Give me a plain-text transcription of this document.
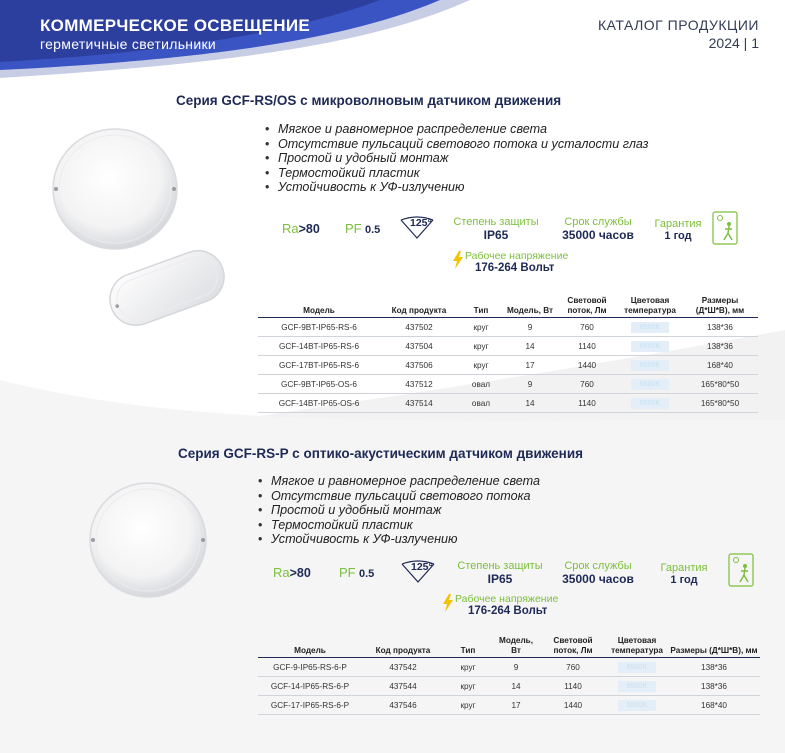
КОММЕРЧЕСКОЕ ОСВЕЩЕНИЕ
герметичные светильники
КАТАЛОГ ПРОДУКЦИИ
2024 | 1
Серия GCF-RS/OS с микроволновым датчиком движения
• Мягкое и равномерное распределение света
• Отсутствие пульсаций светового потока и усталости глаз
• Простой и удобный монтаж
• Термостойкий пластик
• Устойчивость к УФ-излучению
Ra>80 PF 0.5
125°	Степень защиты
IP65
Срок службы
35000 часов
Гарантия
1 год
Рабочее напряжение
176-264 Вольт
Модель	Код продукта	Тип	Модель, Вт	Световой поток, Лм	Цветовая температура	Размеры (Д*Ш*В), мм
GCF-9BT-IP65-RS-6	437502	круг	9	760	6500K	138*36
GCF-14BT-IP65-RS-6	437504	круг	14	1140	6500K	138*36
GCF-17BT-IP65-RS-6	437506	круг	17	1440	6500K	168*40
GCF-9BT-IP65-OS-6	437512	овал	9	760	6500K	165*80*50
GCF-14BT-IP65-OS-6	437514	овал	14	1140	6500K	165*80*50
Серия GCF-RS-P с оптико-акустическим датчиком движения
• Мягкое и равномерное распределение света
• Отсутствие пульсаций светового потока
• Простой и удобный монтаж
• Термостойкий пластик
• Устойчивость к УФ-излучению
Ra>80 PF 0.5
125°	Степень защиты
IP65
Срок службы
35000 часов
Гарантия
1 год
Рабочее напряжение
176-264 Вольт
Модель	Код продукта	Тип	Модель, Вт	Световой поток, Лм	Цветовая температура	Размеры (Д*Ш*В), мм
GCF-9-IP65-RS-6-P	437542	круг	9	760	6500K	138*36
GCF-14-IP65-RS-6-P	437544	круг	14	1140	6500K	138*36
GCF-17-IP65-RS-6-P	437546	круг	17	1440	6500K	168*40
